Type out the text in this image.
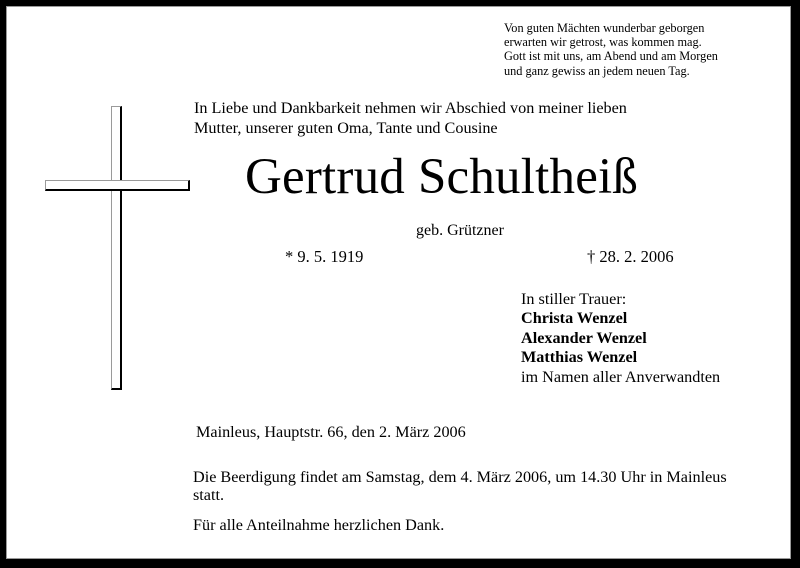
Von guten Mächten wunderbar geborgen
erwarten wir getrost, was kommen mag.
Gott ist mit uns, am Abend und am Morgen
und ganz gewiss an jedem neuen Tag.
In Liebe und Dankbarkeit nehmen wir Abschied von meiner lieben
Mutter, unserer guten Oma, Tante und Cousine
Gertrud Schultheiß
geb. Grützner
* 9. 5. 1919	† 28. 2. 2006
In stiller Trauer:
Christa Wenzel
Alexander Wenzel
Matthias Wenzel
im Namen aller Anverwandten
Mainleus, Hauptstr. 66, den 2. März 2006
Die Beerdigung findet am Samstag, dem 4. März 2006, um 14.30 Uhr in Mainleus statt.
Für alle Anteilnahme herzlichen Dank.
